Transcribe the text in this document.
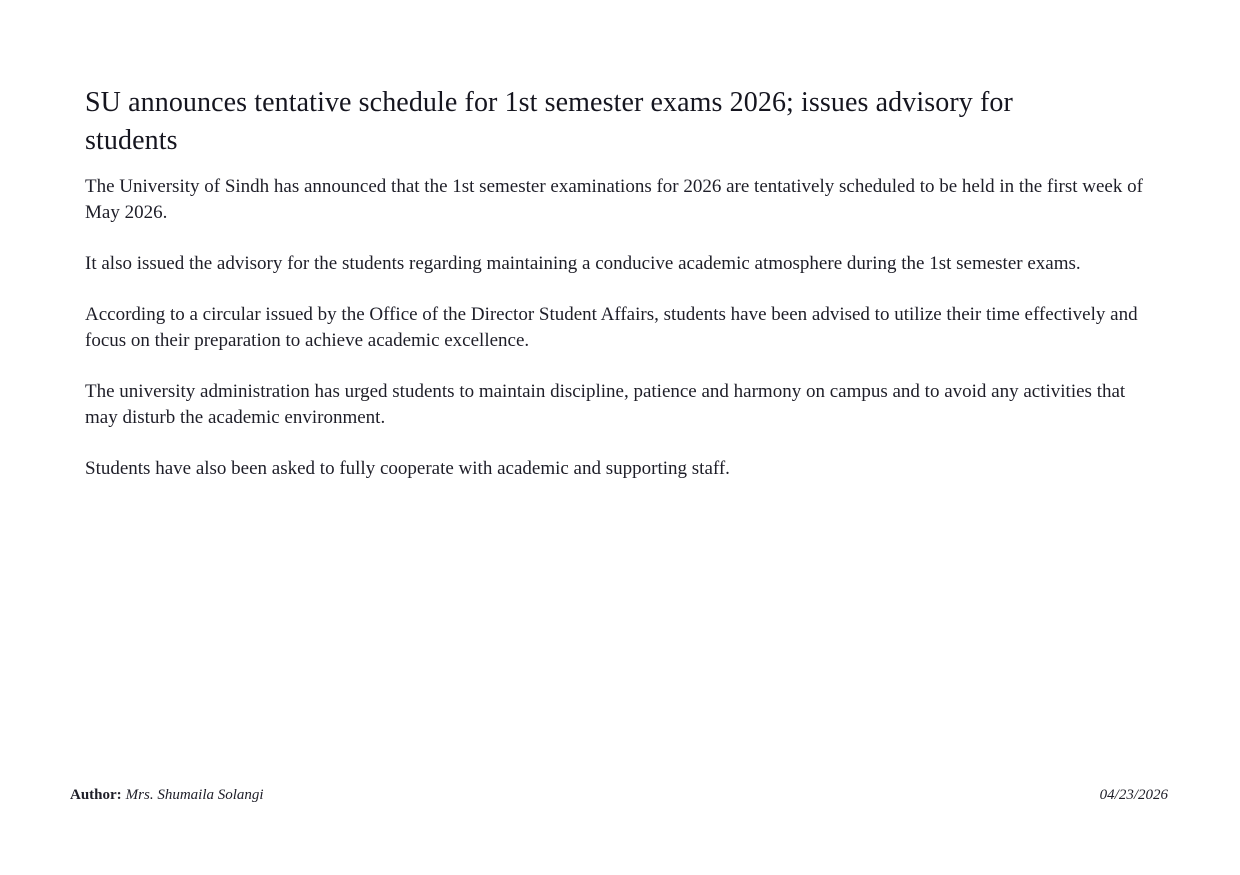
SU announces tentative schedule for 1st semester exams 2026; issues advisory for students

The University of Sindh has announced that the 1st semester examinations for 2026 are tentatively scheduled to be held in the first week of May 2026.

It also issued the advisory for the students regarding maintaining a conducive academic atmosphere during the 1st semester exams.

According to a circular issued by the Office of the Director Student Affairs, students have been advised to utilize their time effectively and focus on their preparation to achieve academic excellence.

The university administration has urged students to maintain discipline, patience and harmony on campus and to avoid any activities that may disturb the academic environment.

Students have also been asked to fully cooperate with academic and supporting staff.

Author: Mrs. Shumaila Solangi	04/23/2026
